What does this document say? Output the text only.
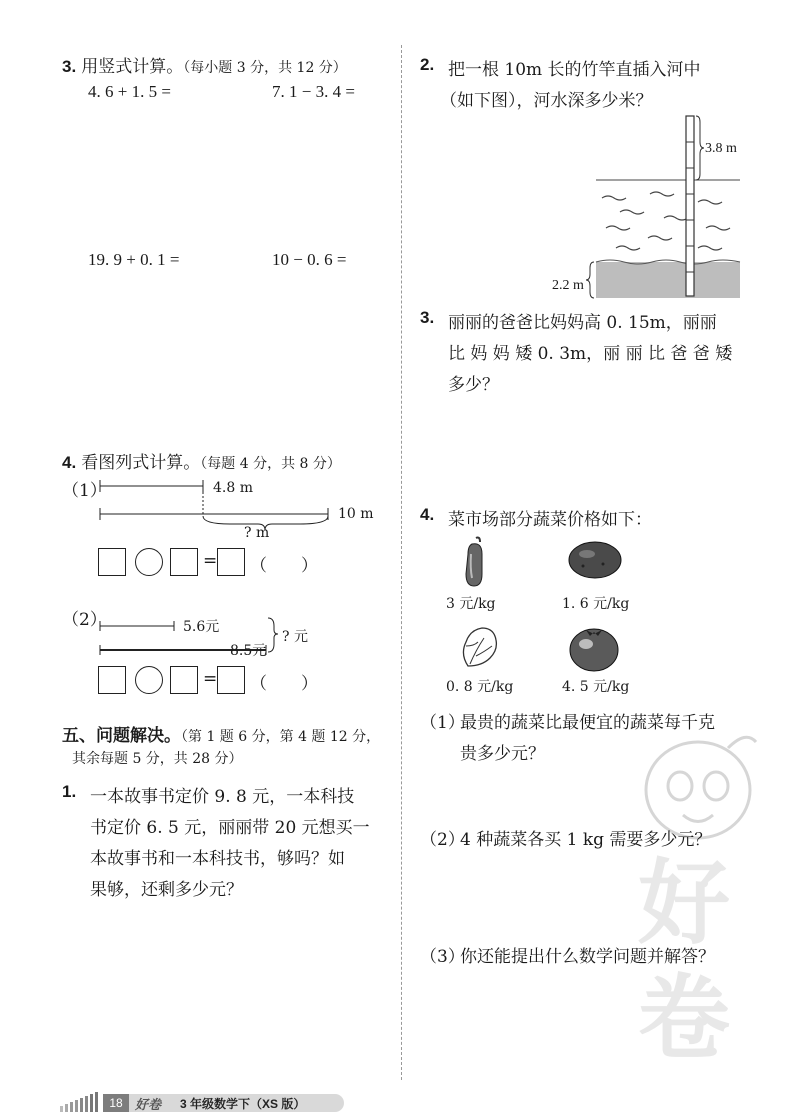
好
卷
3. 用竖式计算。（每小题 3 分，共 12 分）
4. 6 + 1. 5 =	7. 1 − 3. 4 =
19. 9 + 0. 1 =	10 − 0. 6 =
4. 看图列式计算。（每题 4 分，共 8 分）
（1）	4.8 m
10 m
? m
= （　　）
（2）	5.6元
8.5元
? 元
= （　　）
五、问题解决。（第 1 题 6 分，第 4 题 12 分，
其余每题 5 分，共 28 分）
1. 一本故事书定价 9. 8 元，一本科技
书定价 6. 5 元，丽丽带 20 元想买一
本故事书和一本科技书，够吗？如
果够，还剩多少元？
2. 把一根 10m 长的竹竿直插入河中
（如下图），河水深多少米？
3.8 m
2.2 m
3. 丽丽的爸爸比妈妈高 0. 15m，丽丽
比 妈 妈 矮 0. 3m，丽 丽 比 爸 爸 矮
多少？
4. 菜市场部分蔬菜价格如下：
3 元/kg	1. 6 元/kg
0. 8 元/kg	4. 5 元/kg
（1）
最贵的蔬菜比最便宜的蔬菜每千克
贵多少元？
（2）
4 种蔬菜各买 1 kg 需要多少元？
（3）
你还能提出什么数学问题并解答？
18 好卷 3 年级数学下（XS 版）
